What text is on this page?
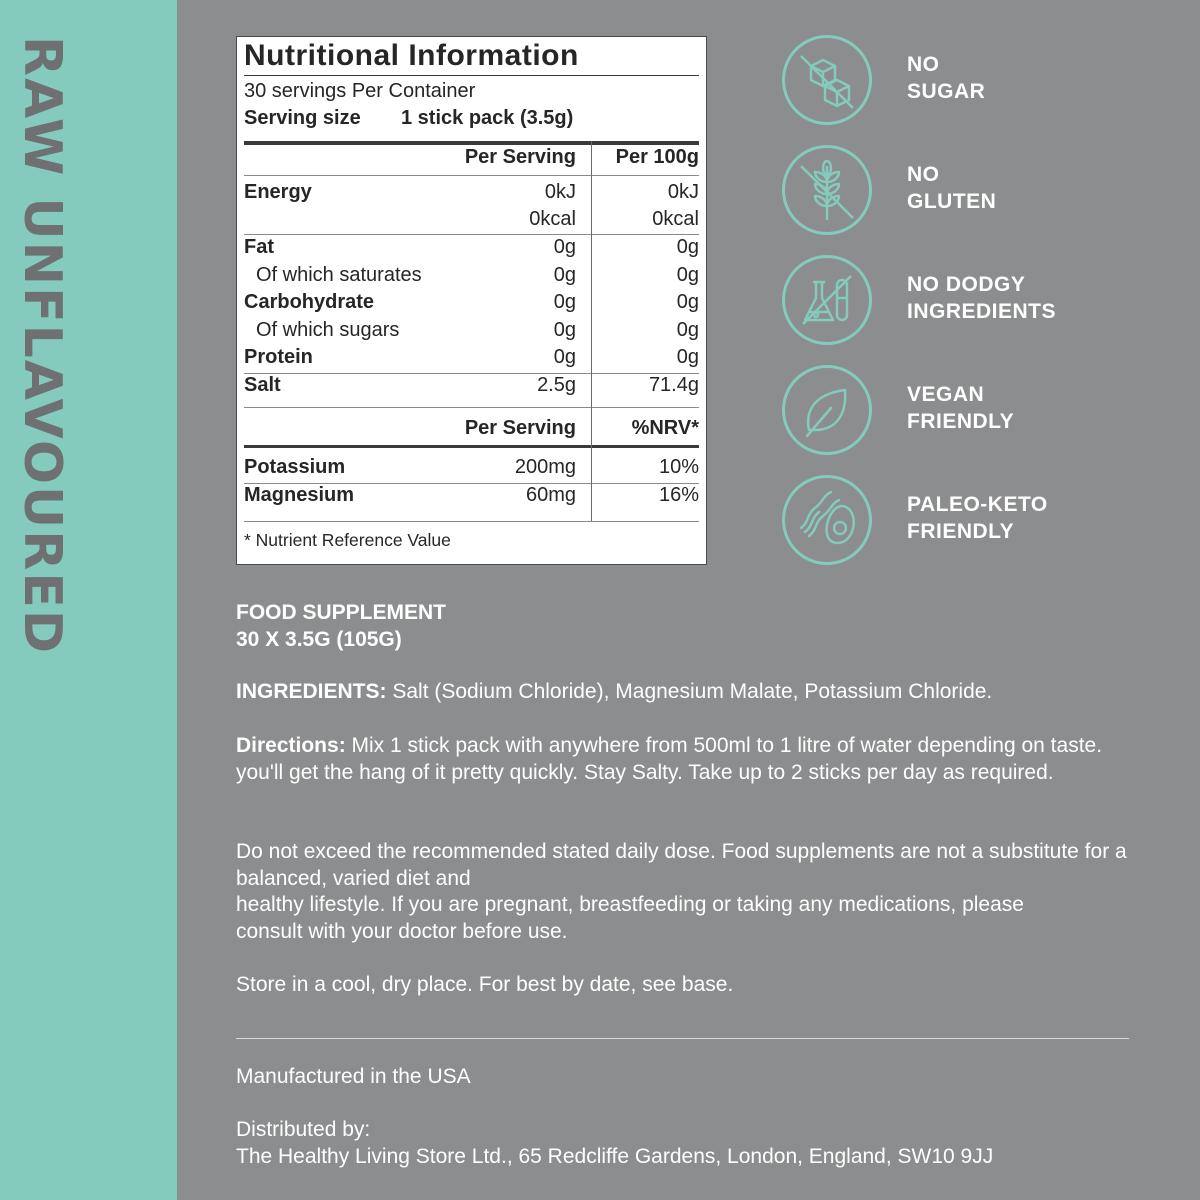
RAW UNFLAVOURED	Nutritional Information
30 servings Per Container
Serving size 1 stick pack (3.5g)
Per Serving	Per 100g
Energy	0kJ	0kJ
0kcal	0kcal
Fat	0g	0g
Of which saturates	0g	0g
Carbohydrate	0g	0g
Of which sugars	0g	0g
Protein	0g	0g
Salt	2.5g	71.4g
Per Serving	%NRV*
Potassium	200mg	10%
Magnesium	60mg	16%
* Nutrient Reference Value
NO
SUGAR
NO
GLUTEN
NO DODGY
INGREDIENTS
VEGAN
FRIENDLY
PALEO-KETO
FRIENDLY
FOOD SUPPLEMENT
30 X 3.5G (105G)
INGREDIENTS: Salt (Sodium Chloride), Magnesium Malate, Potassium Chloride.
Directions: Mix 1 stick pack with anywhere from 500ml to 1 litre of water depending on taste. you'll get the hang of it pretty quickly. Stay Salty. Take up to 2 sticks per day as required.
Do not exceed the recommended stated daily dose. Food supplements are not a substitute for a balanced, varied diet and
healthy lifestyle. If you are pregnant, breastfeeding or taking any medications, please consult with your doctor before use.
Store in a cool, dry place. For best by date, see base.
Manufactured in the USA
Distributed by:
The Healthy Living Store Ltd., 65 Redcliffe Gardens, London, England, SW10 9JJ
